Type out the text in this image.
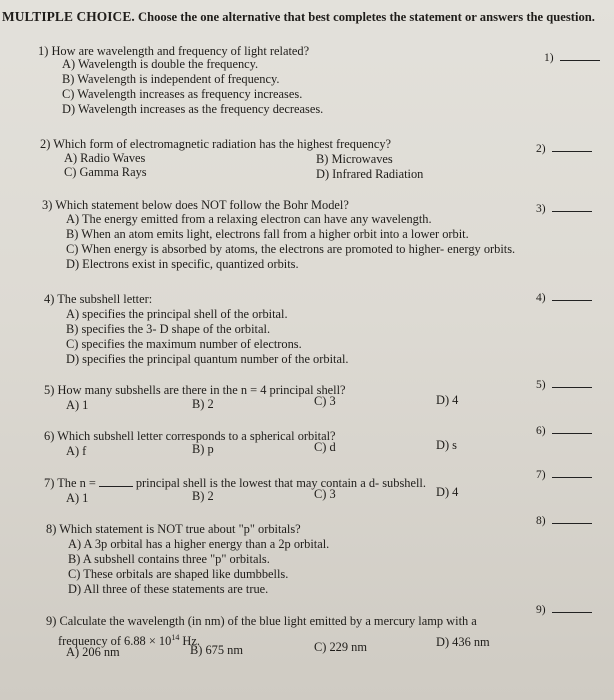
MULTIPLE CHOICE. Choose the one alternative that best completes the statement or answers the question.
1) How are wavelength and frequency of light related?	1)
A) Wavelength is double the frequency.
B) Wavelength is independent of frequency.
C) Wavelength increases as frequency increases.
D) Wavelength increases as the frequency decreases.
2) Which form of electromagnetic radiation has the highest frequency?	2)
A) Radio Waves	B) Microwaves
C) Gamma Rays	D) Infrared Radiation
3) Which statement below does NOT follow the Bohr Model?	3)
A) The energy emitted from a relaxing electron can have any wavelength.
B) When an atom emits light, electrons fall from a higher orbit into a lower orbit.
C) When energy is absorbed by atoms, the electrons are promoted to higher- energy orbits.
D) Electrons exist in specific, quantized orbits.
4) The subshell letter:	4)
A) specifies the principal shell of the orbital.
B) specifies the 3- D shape of the orbital.
C) specifies the maximum number of electrons.
D) specifies the principal quantum number of the orbital.
5) How many subshells are there in the n = 4 principal shell?	5)
A) 1	B) 2	C) 3	D) 4
6) Which subshell letter corresponds to a spherical orbital?	6)
A) f	B) p	C) d	D) s
7) The n =	principal shell is the lowest that may contain a d- subshell.
7)
A) 1	B) 2	C) 3	D) 4
8) Which statement is NOT true about "p" orbitals?
8)
A) A 3p orbital has a higher energy than a 2p orbital.
B) A subshell contains three "p" orbitals.
C) These orbitals are shaped like dumbbells.
D) All three of these statements are true.
9) Calculate the wavelength (in nm) of the blue light emitted by a mercury lamp with a
frequency of $6.88 \times 10^{14}$ Hz.
9)
A) 206 nm	B) 675 nm	C) 229 nm	D) 436 nm
